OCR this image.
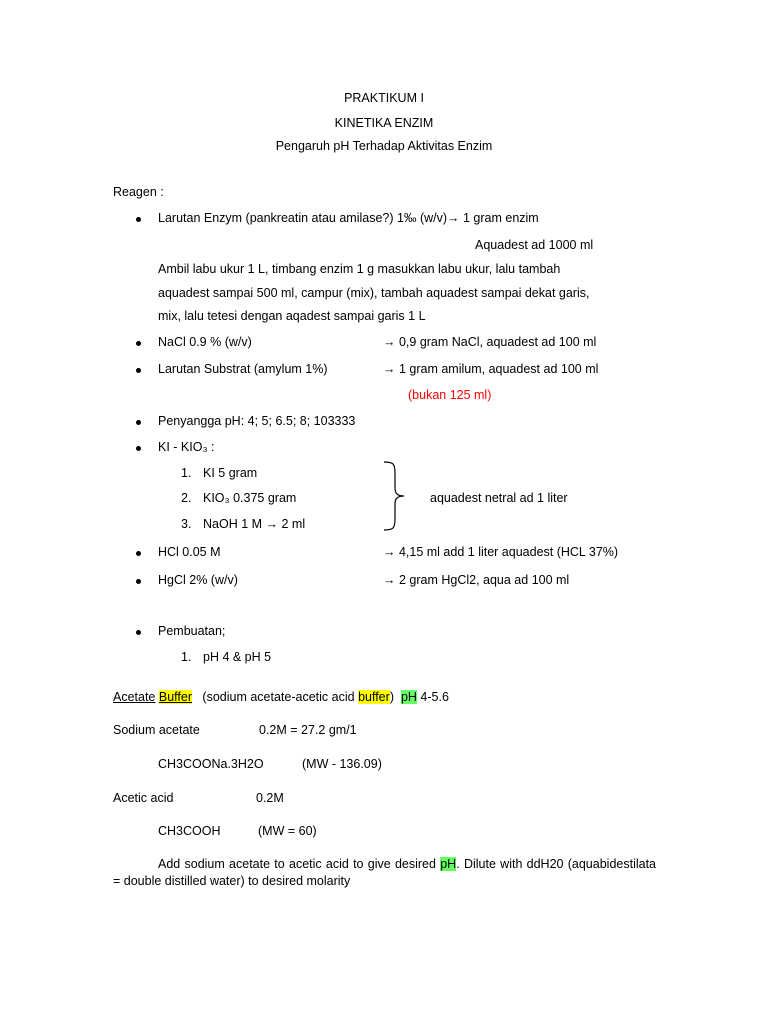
PRAKTIKUM I
KINETIKA ENZIM
Pengaruh pH Terhadap Aktivitas Enzim
Reagen :
Larutan Enzym (pankreatin atau amilase?) 1‰ (w/v)→ 1 gram enzim
Aquadest ad 1000 ml
Ambil labu ukur 1 L, timbang enzim 1 g masukkan labu ukur, lalu tambah
aquadest sampai 500 ml, campur (mix), tambah aquadest sampai dekat garis,
mix, lalu tetesi dengan aqadest sampai garis 1 L
NaCl 0.9 % (w/v)	→ 0,9 gram NaCl, aquadest ad 100 ml
Larutan Substrat (amylum 1%)	→ 1 gram amilum, aquadest ad 100 ml
(bukan 125 ml)
Penyangga pH: 4; 5; 6.5; 8; 103333
KI - KIO₃ :
1. KI 5 gram
2. KIO₃ 0.375 gram
3. NaOH 1 M → 2 ml
aquadest netral ad 1 liter
HCl 0.05 M	→ 4,15 ml add 1 liter aquadest (HCL 37%)
HgCl 2% (w/v)	→ 2 gram HgCl2, aqua ad 100 ml
Pembuatan;
1. pH 4 & pH 5
Acetate Buffer (sodium acetate-acetic acid buffer) pH 4-5.6
Sodium acetate	0.2M = 27.2 gm/1
CH3COONa.3H2O	(MW - 136.09)
Acetic acid	0.2M
CH3COOH	(MW = 60)
Add sodium acetate to acetic acid to give desired pH. Dilute with ddH20 (aquabidestilata = double distilled water) to desired molarity
